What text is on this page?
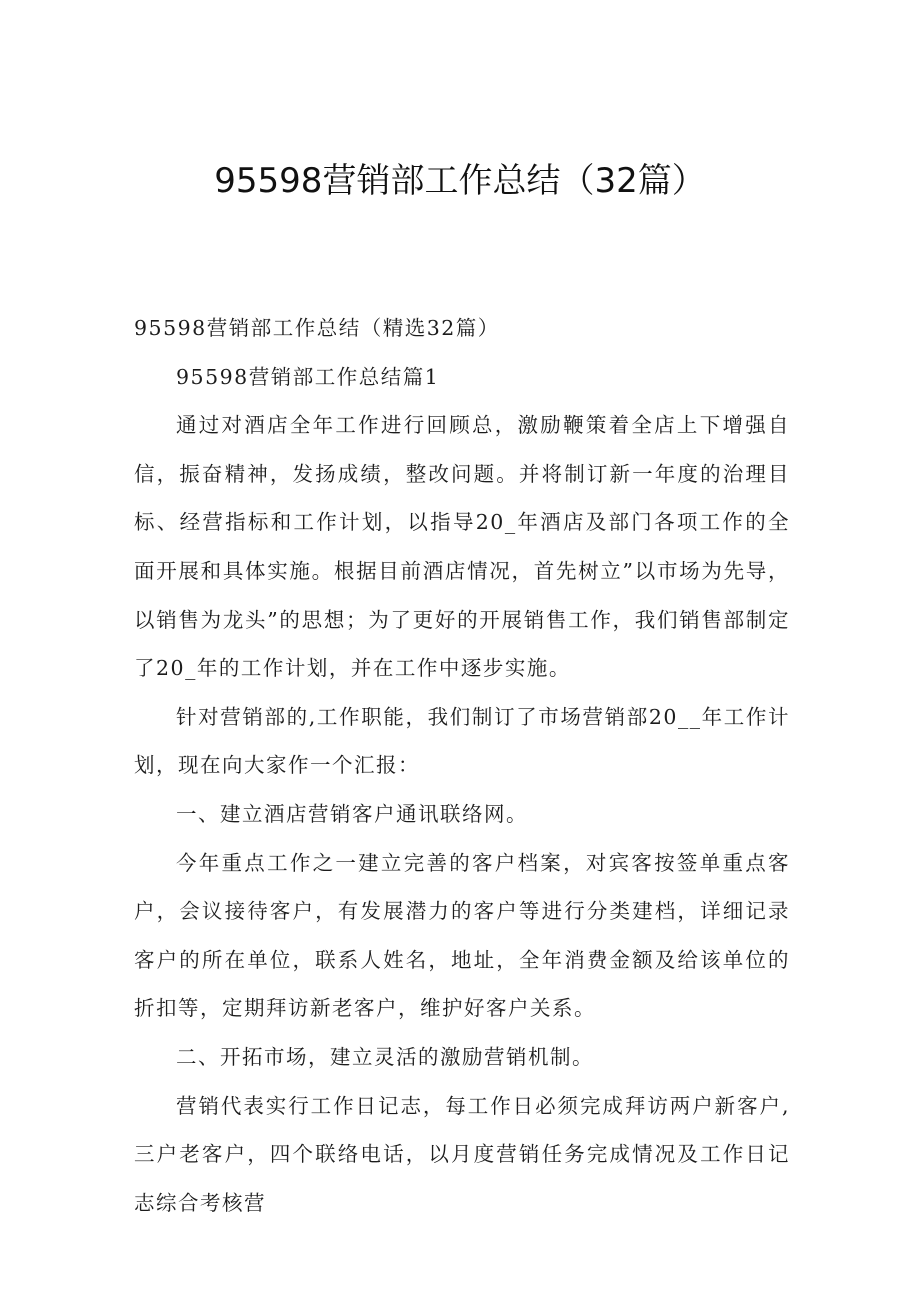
95598营销部工作总结（32篇）

95598营销部工作总结（精选32篇）

95598营销部工作总结篇1

通过对酒店全年工作进行回顾总，激励鞭策着全店上下增强自信，振奋精神，发扬成绩，整改问题。并将制订新一年度的治理目标、经营指标和工作计划，以指导20_年酒店及部门各项工作的全面开展和具体实施。根据目前酒店情况，首先树立”以市场为先导，以销售为龙头”的思想；为了更好的开展销售工作，我们销售部制定了20_年的工作计划，并在工作中逐步实施。

针对营销部的,工作职能，我们制订了市场营销部20__年工作计划，现在向大家作一个汇报：

一、建立酒店营销客户通讯联络网。

今年重点工作之一建立完善的客户档案，对宾客按签单重点客户，会议接待客户，有发展潜力的客户等进行分类建档，详细记录客户的所在单位，联系人姓名，地址，全年消费金额及给该单位的折扣等，定期拜访新老客户，维护好客户关系。

二、开拓市场，建立灵活的激励营销机制。

营销代表实行工作日记志，每工作日必须完成拜访两户新客户,三户老客户，四个联络电话，以月度营销任务完成情况及工作日记志综合考核营
